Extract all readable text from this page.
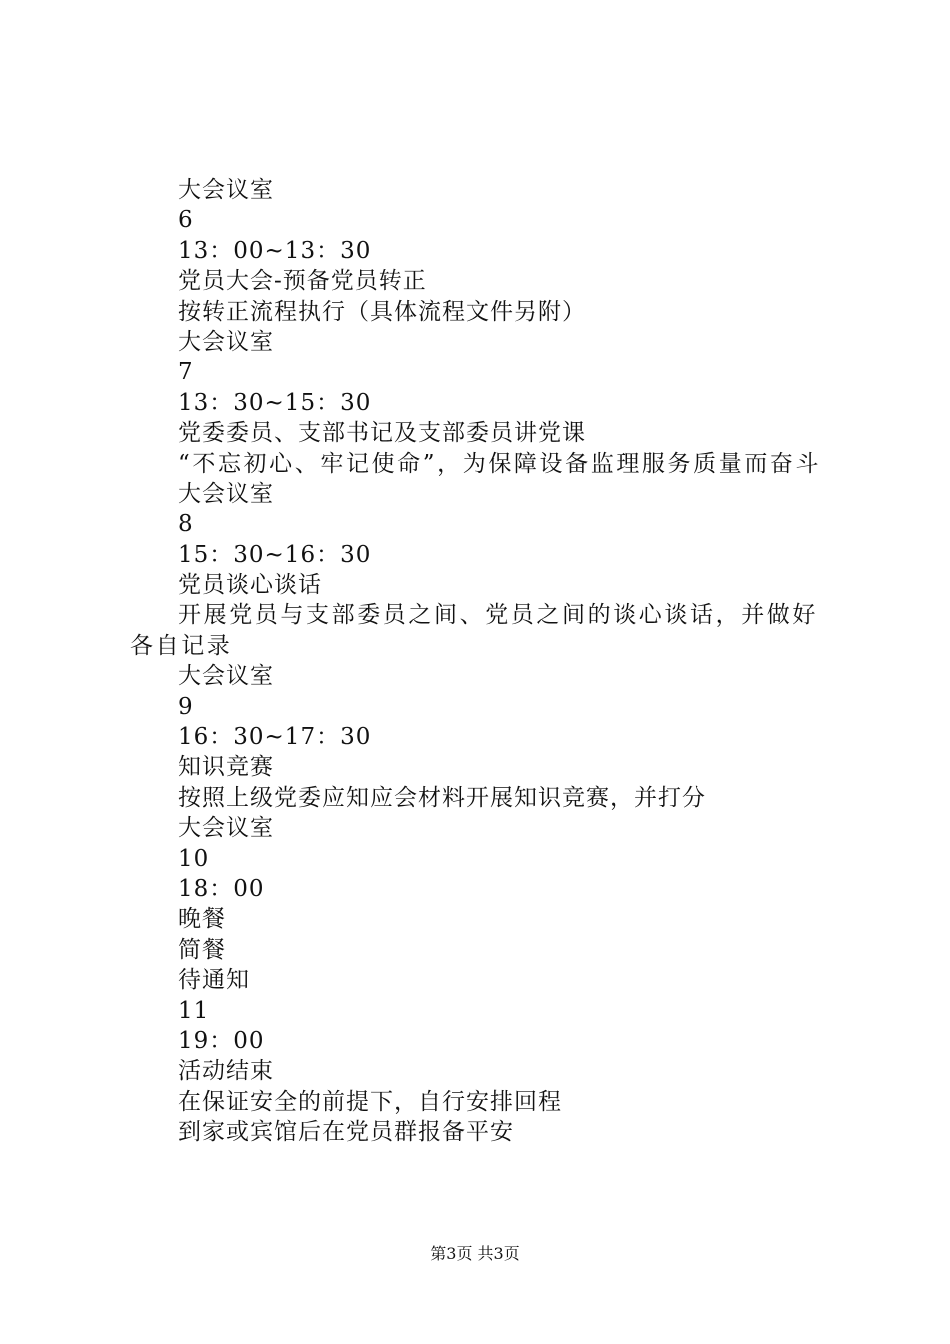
大会议室
6
13：00~13：30
党员大会-预备党员转正
按转正流程执行（具体流程文件另附）
大会议室
7
13：30~15：30
党委委员、支部书记及支部委员讲党课
“不忘初心、牢记使命”，为保障设备监理服务质量而奋斗
大会议室
8
15：30~16：30
党员谈心谈话
开展党员与支部委员之间、党员之间的谈心谈话，并做好各自记录
大会议室
9
16：30~17：30
知识竞赛
按照上级党委应知应会材料开展知识竞赛，并打分
大会议室
10
18：00
晚餐
简餐
待通知
11
19：00
活动结束
在保证安全的前提下，自行安排回程
到家或宾馆后在党员群报备平安
第3页 共3页
